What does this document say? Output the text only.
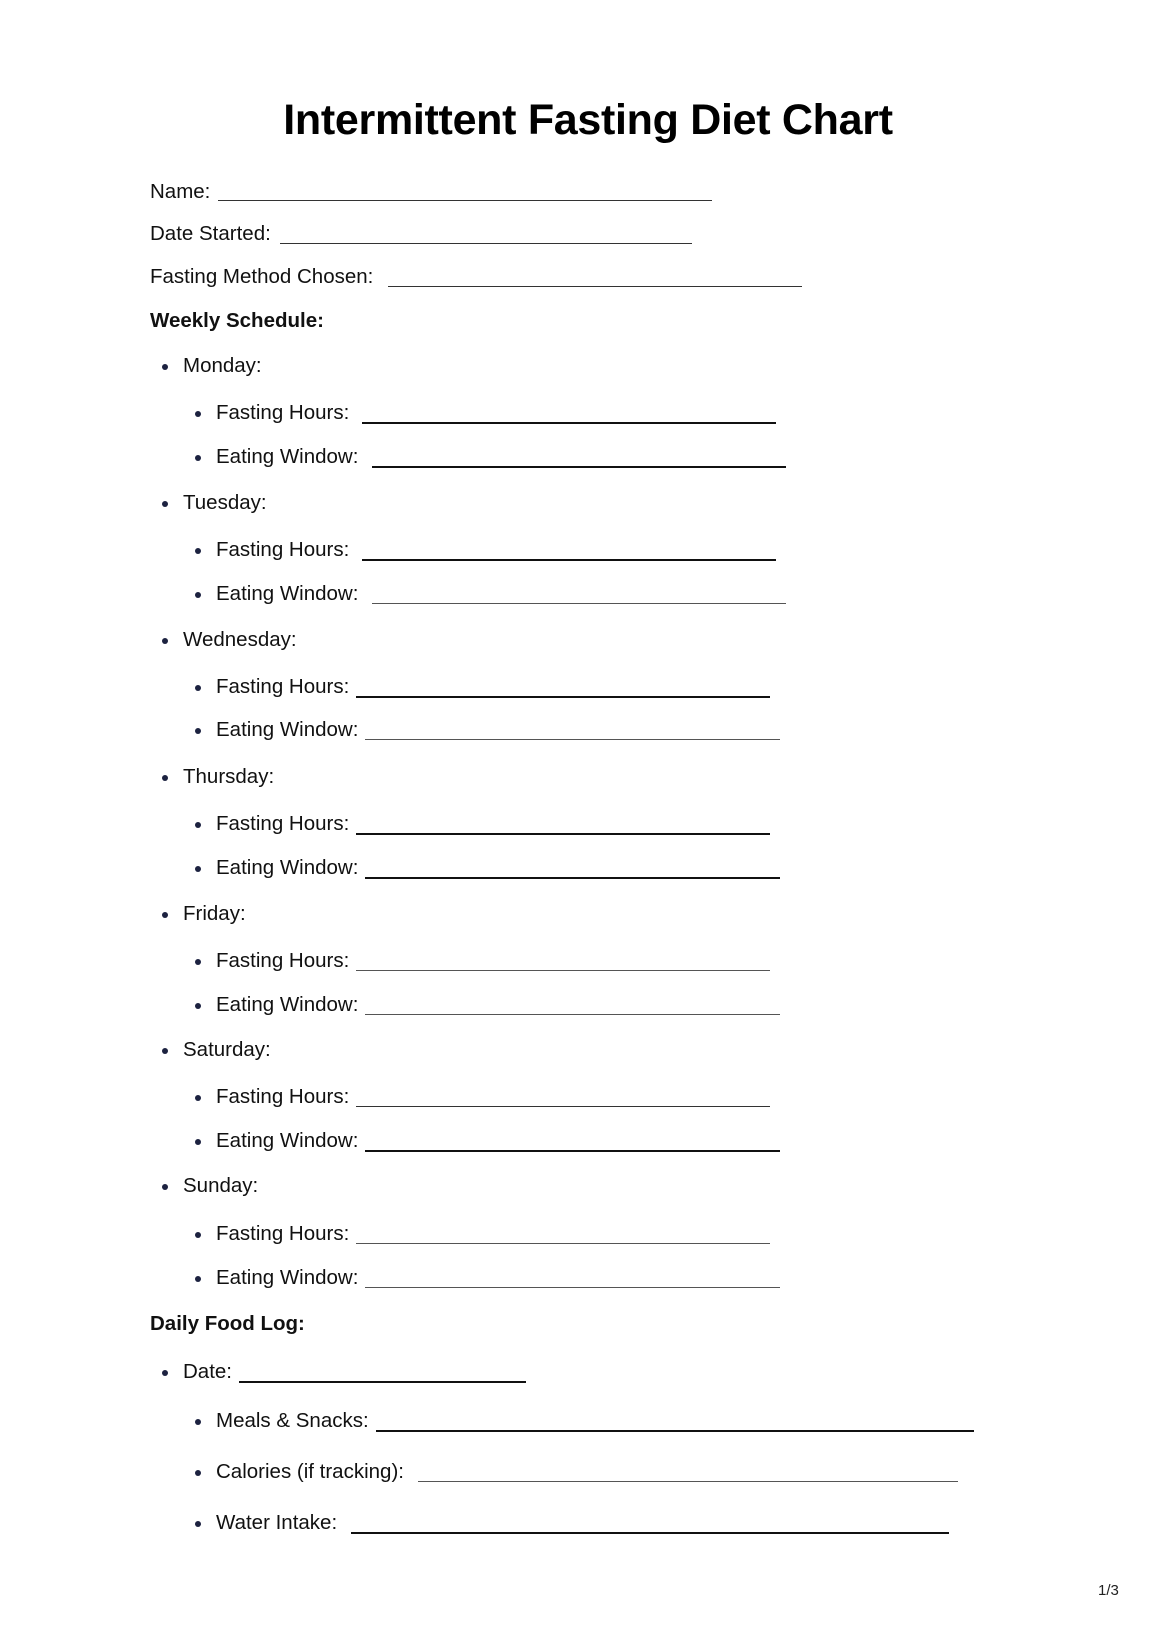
Intermittent Fasting Diet Chart
Name:
Date Started:
Fasting Method Chosen:
Weekly Schedule:
Monday:
Fasting Hours:
Eating Window:
Tuesday:
Fasting Hours:
Eating Window:
Wednesday:
Fasting Hours:
Eating Window:
Thursday:
Fasting Hours:
Eating Window:
Friday:
Fasting Hours:
Eating Window:
Saturday:
Fasting Hours:
Eating Window:
Sunday:
Fasting Hours:
Eating Window:
Daily Food Log:
Date:
Meals & Snacks:
Calories (if tracking):
Water Intake:
1/3
